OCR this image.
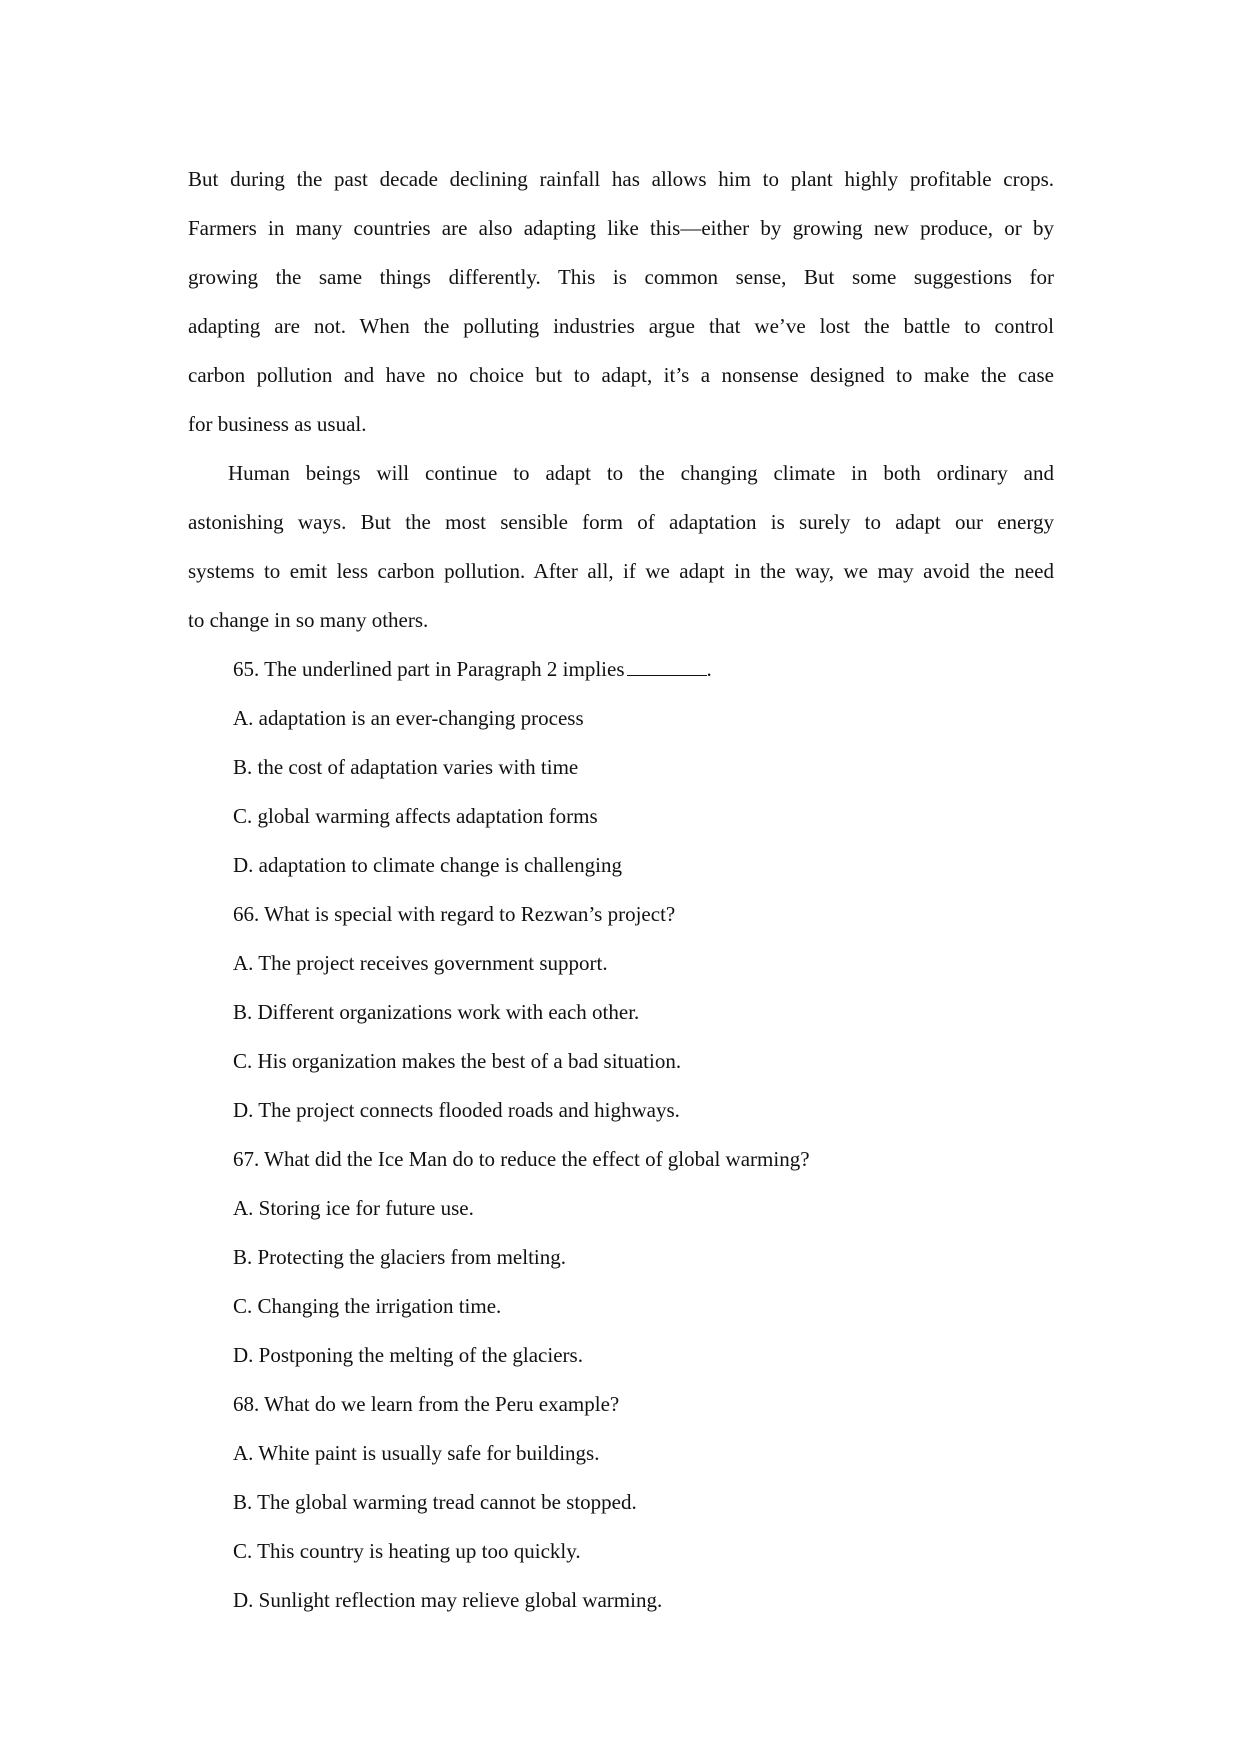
But during the past decade declining rainfall has allows him to plant highly profitable crops.
Farmers in many countries are also adapting like this—either by growing new produce, or by
growing the same things differently. This is common sense, But some suggestions for
adapting are not. When the polluting industries argue that we’ve lost the battle to control
carbon pollution and have no choice but to adapt, it’s a nonsense designed to make the case
for business as usual.
Human beings will continue to adapt to the changing climate in both ordinary and
astonishing ways. But the most sensible form of adaptation is surely to adapt our energy
systems to emit less carbon pollution. After all, if we adapt in the way, we may avoid the need
to change in so many others.
65. The underlined part in Paragraph 2 implies	.
A. adaptation is an ever-changing process
B. the cost of adaptation varies with time
C. global warming affects adaptation forms
D. adaptation to climate change is challenging
66. What is special with regard to Rezwan’s project?
A. The project receives government support.
B. Different organizations work with each other.
C. His organization makes the best of a bad situation.
D. The project connects flooded roads and highways.
67. What did the Ice Man do to reduce the effect of global warming?
A. Storing ice for future use.
B. Protecting the glaciers from melting.
C. Changing the irrigation time.
D. Postponing the melting of the glaciers.
68. What do we learn from the Peru example?
A. White paint is usually safe for buildings.
B. The global warming tread cannot be stopped.
C. This country is heating up too quickly.
D. Sunlight reflection may relieve global warming.
